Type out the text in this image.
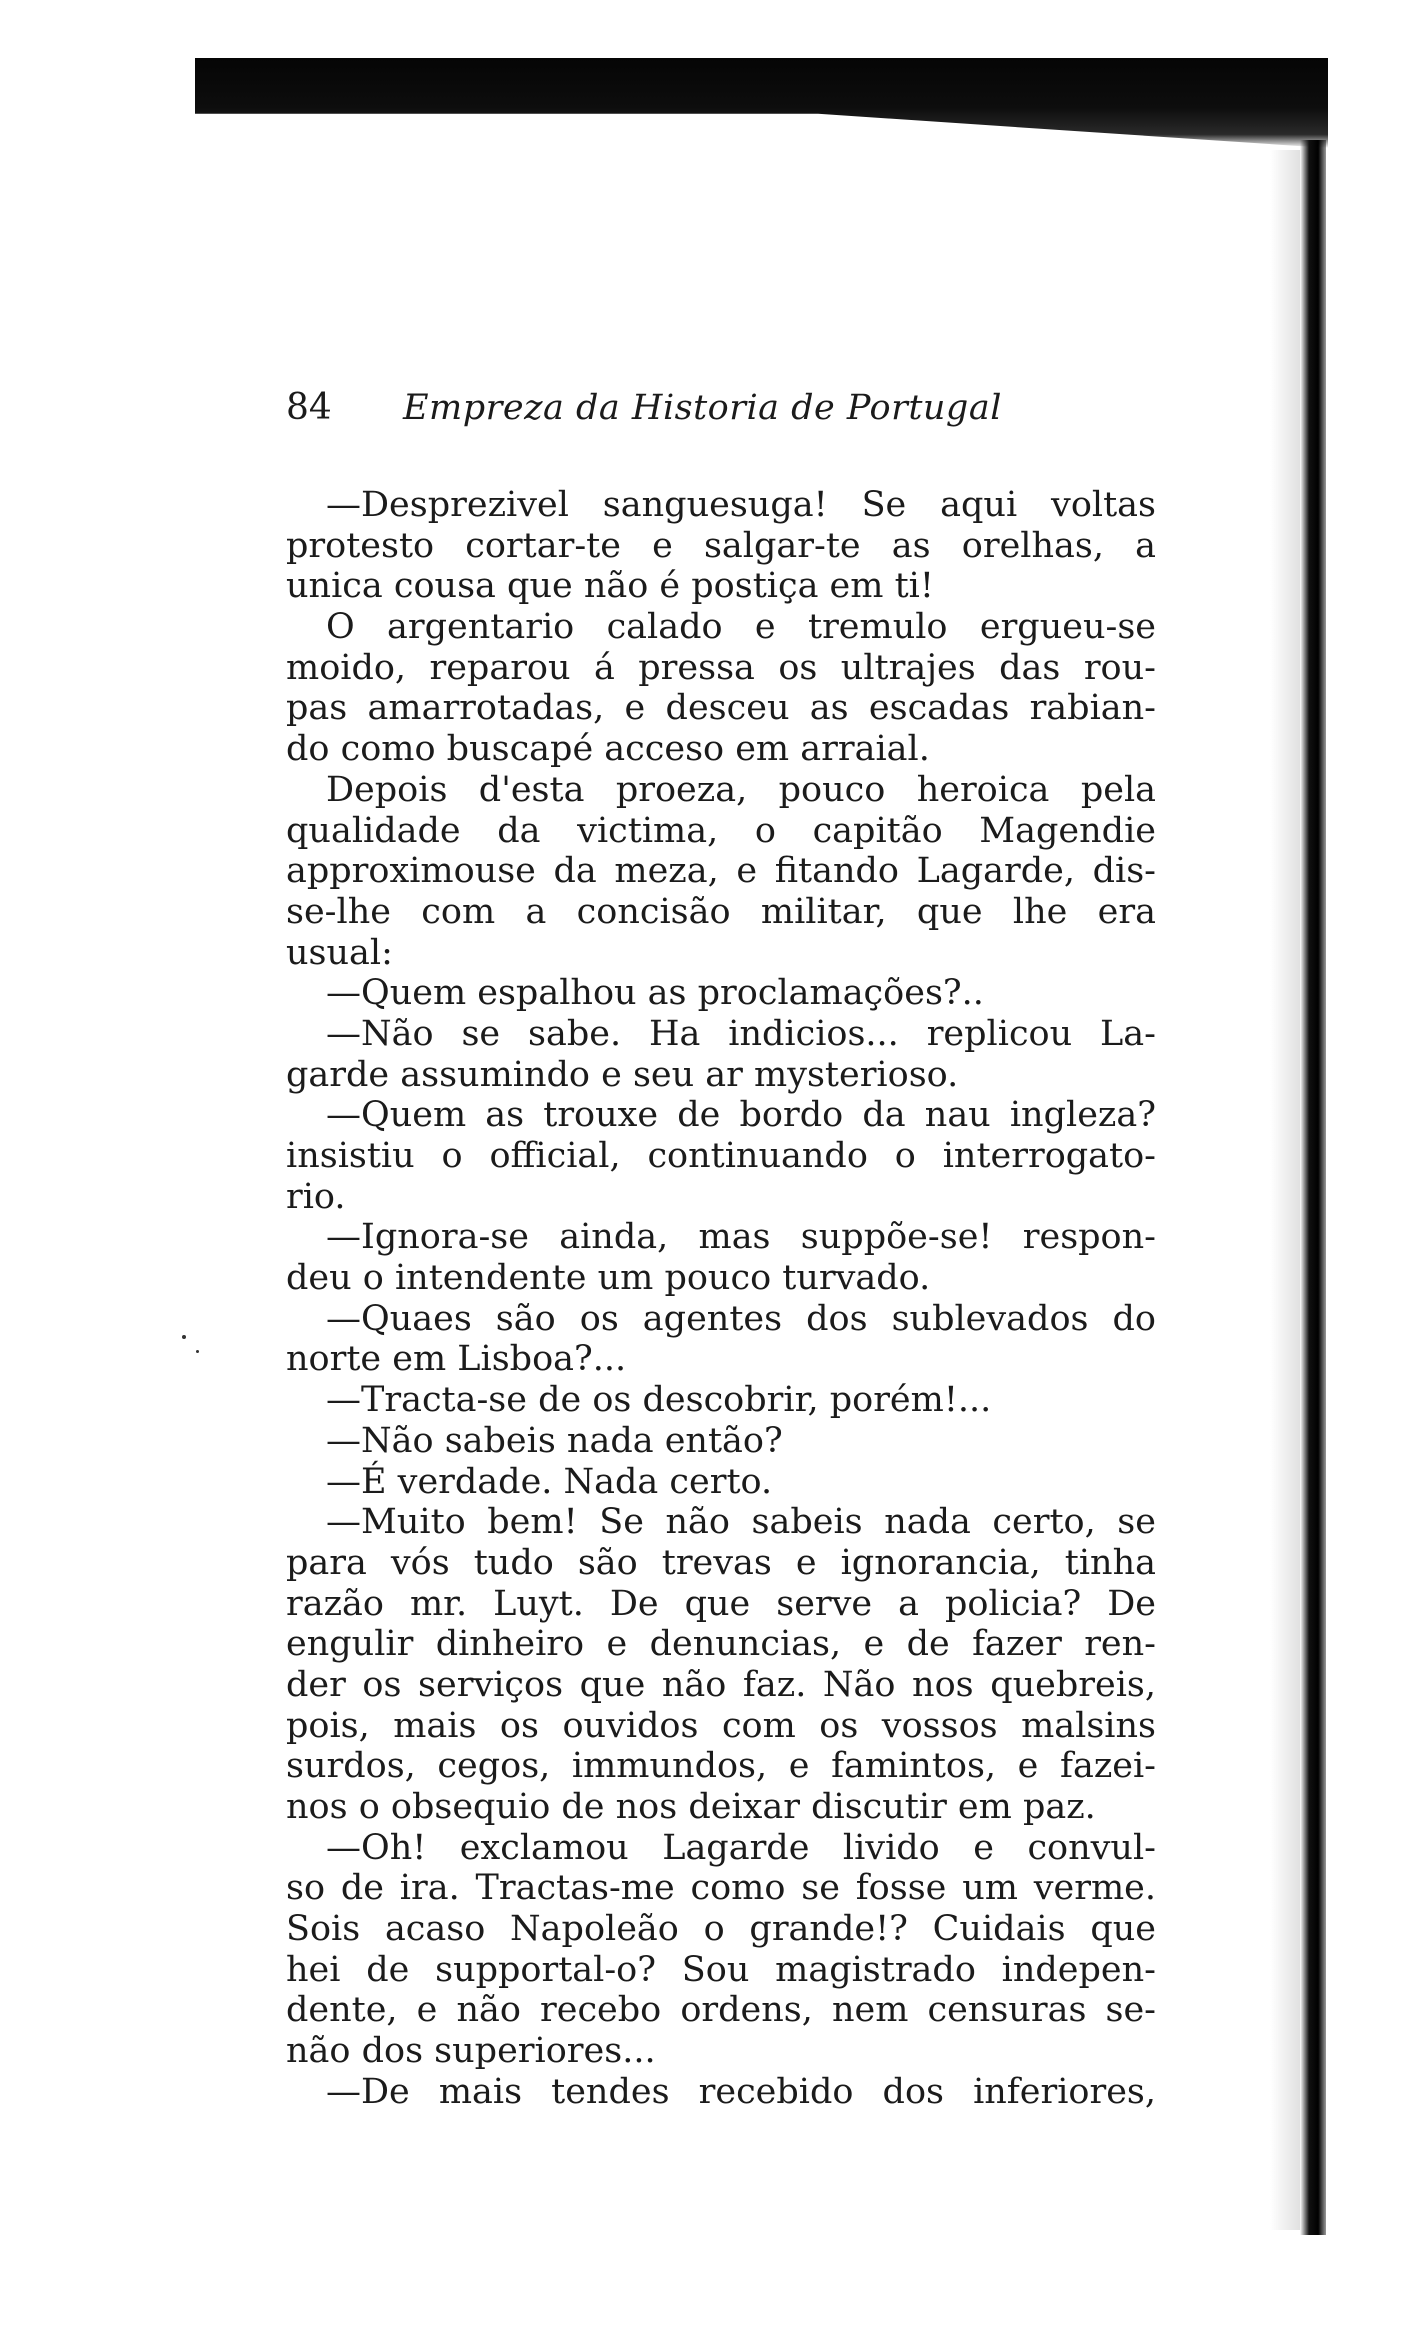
84 Empreza da Historia de Portugal
—Desprezivel sanguesuga! Se aqui voltas
protesto cortar-te e salgar-te as orelhas, a
unica cousa que não é postiça em ti!
O argentario calado e tremulo ergueu-se
moido, reparou á pressa os ultrajes das rou-
pas amarrotadas, e desceu as escadas rabian-
do como buscapé acceso em arraial.
Depois d'esta proeza, pouco heroica pela
qualidade da victima, o capitão Magendie
approximouse da meza, e fitando Lagarde, dis-
se-lhe com a concisão militar, que lhe era
usual:
—Quem espalhou as proclamações?..
—Não se sabe. Ha indicios... replicou La-
garde assumindo e seu ar mysterioso.
—Quem as trouxe de bordo da nau ingleza?
insistiu o official, continuando o interrogato-
rio.
—Ignora-se ainda, mas suppõe-se! respon-
deu o intendente um pouco turvado.
—Quaes são os agentes dos sublevados do
norte em Lisboa?...
—Tracta-se de os descobrir, porém!...
—Não sabeis nada então?
—É verdade. Nada certo.
—Muito bem! Se não sabeis nada certo, se
para vós tudo são trevas e ignorancia, tinha
razão mr. Luyt. De que serve a policia? De
engulir dinheiro e denuncias, e de fazer ren-
der os serviços que não faz. Não nos quebreis,
pois, mais os ouvidos com os vossos malsins
surdos, cegos, immundos, e famintos, e fazei-
nos o obsequio de nos deixar discutir em paz.
—Oh! exclamou Lagarde livido e convul-
so de ira. Tractas-me como se fosse um verme.
Sois acaso Napoleão o grande!? Cuidais que
hei de supportal-o? Sou magistrado indepen-
dente, e não recebo ordens, nem censuras se-
não dos superiores...
—De mais tendes recebido dos inferiores,
